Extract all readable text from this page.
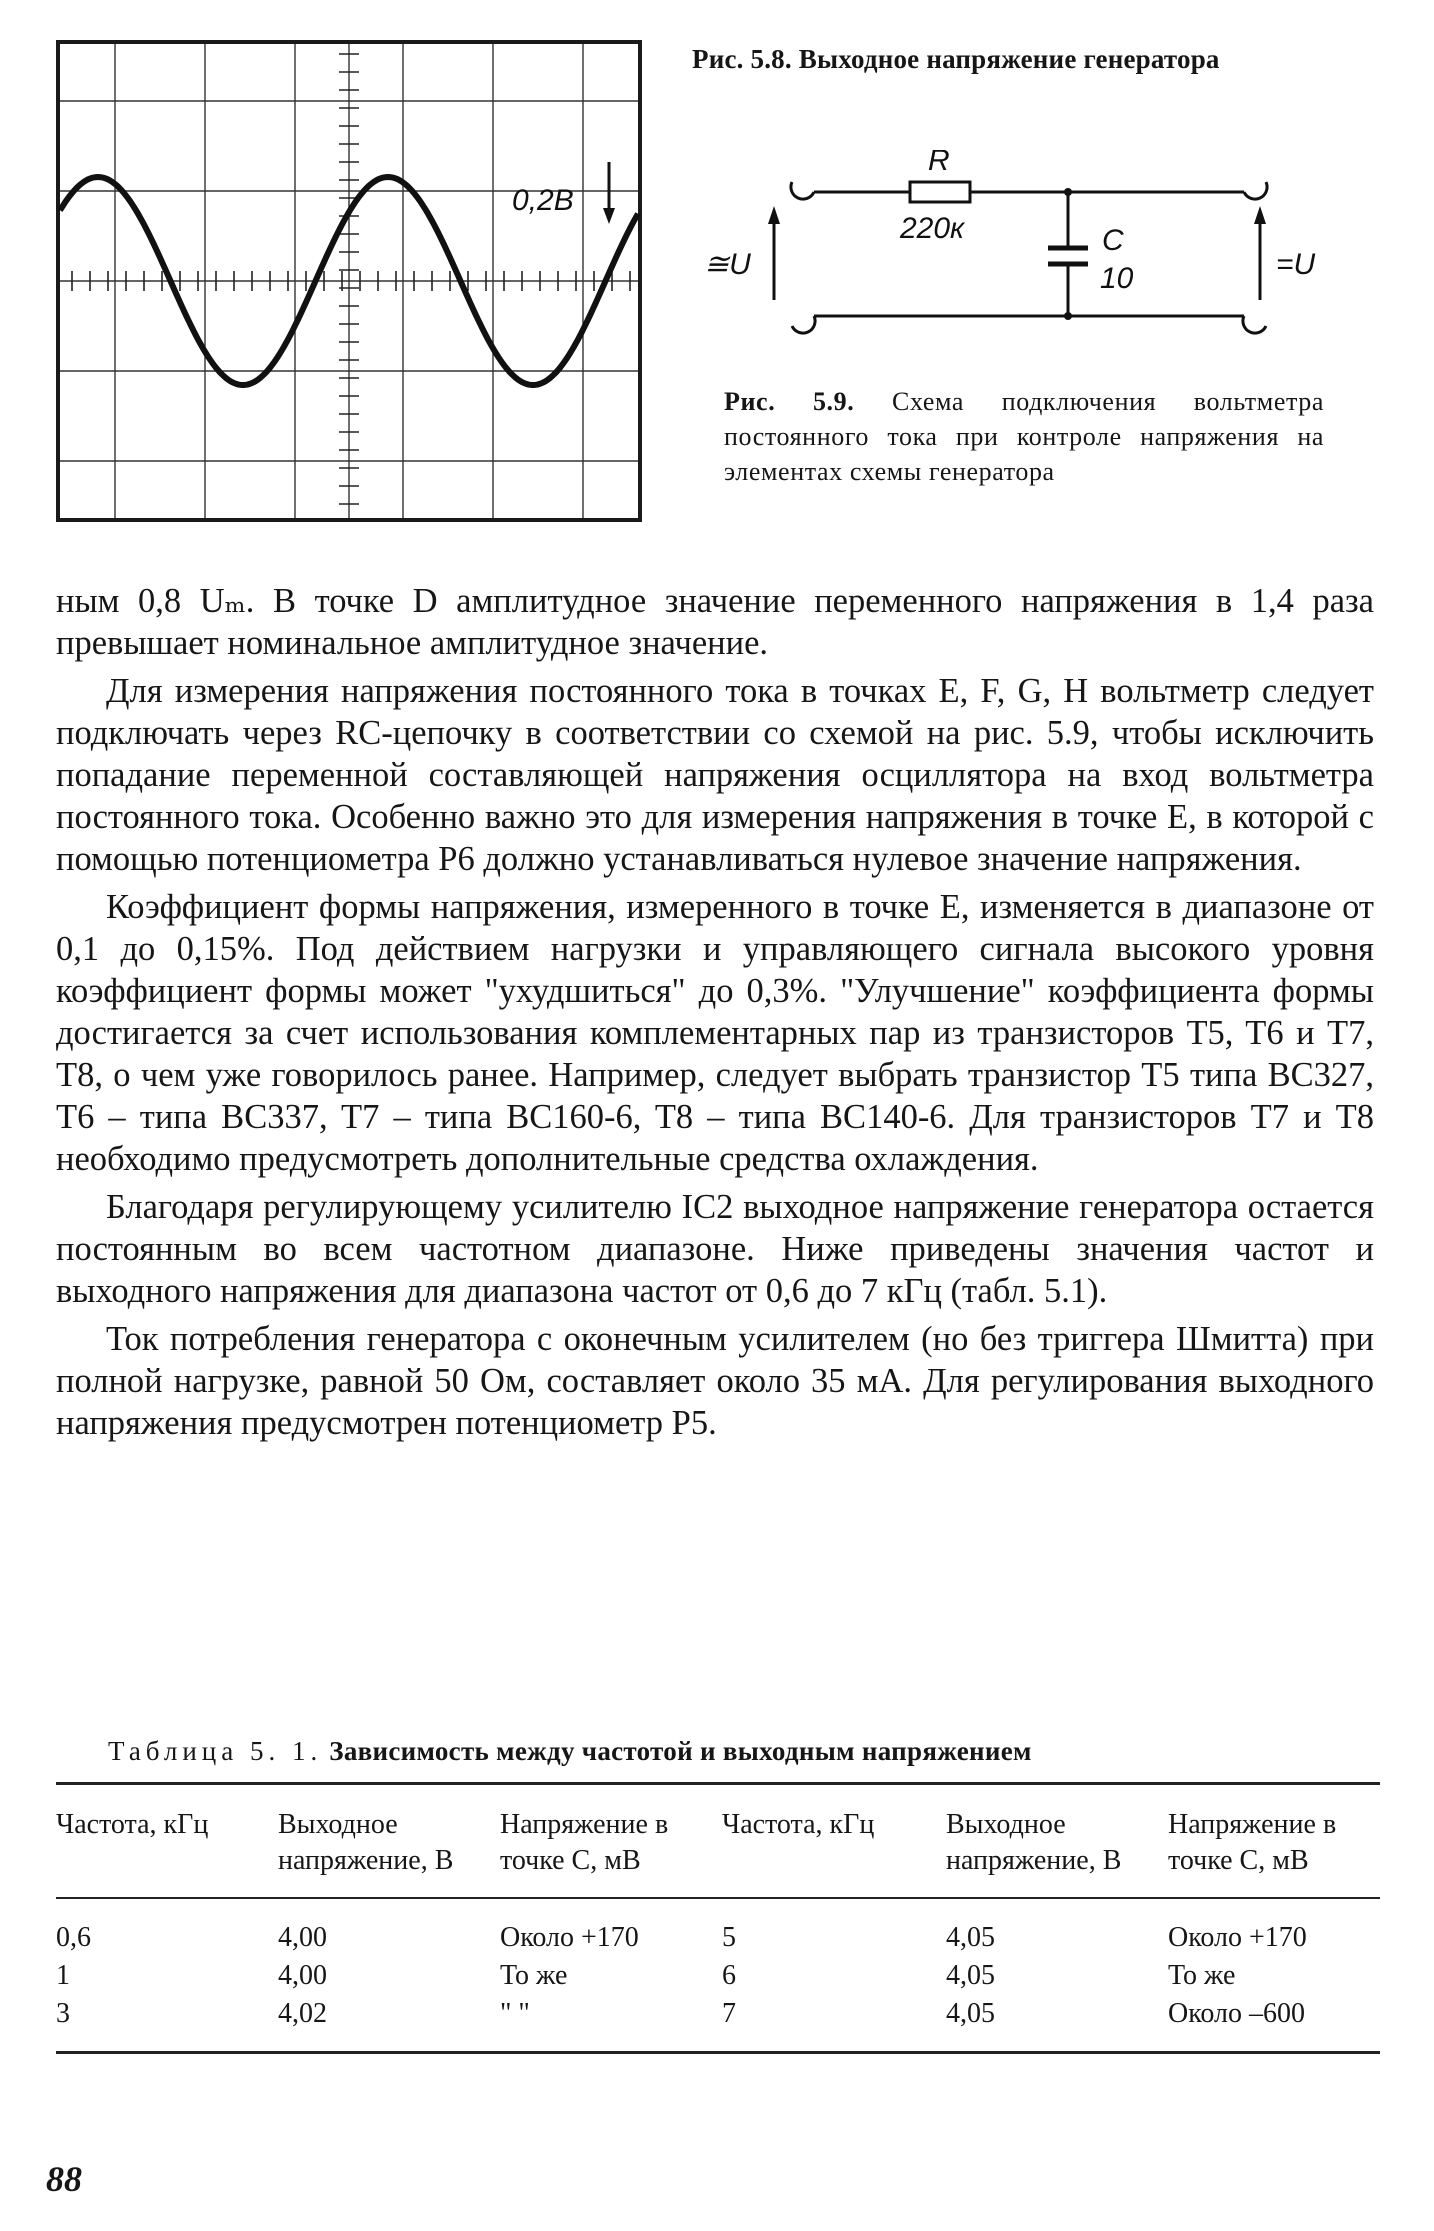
0,2В
Рис. 5.8. Выходное напряжение генератора
R
220к	C
10
≅U	=U
Рис. 5.9. Схема подключения вольтметра постоянного тока при контроле напряжения на элементах схемы генератора

ным 0,8 Uₘ. В точке D амплитудное значение переменного напряжения в 1,4 раза превышает номинальное амплитудное значение.

Для измерения напряжения постоянного тока в точках E, F, G, H вольтметр следует подключать через RC-цепочку в соответствии со схемой на рис. 5.9, чтобы исключить попадание переменной составляющей напряжения осциллятора на вход вольтметра постоянного тока. Особенно важно это для измерения напряжения в точке E, в которой с помощью потенциометра P6 должно устанавливаться нулевое значение напряжения.

Коэффициент формы напряжения, измеренного в точке E, изменяется в диапазоне от 0,1 до 0,15%. Под действием нагрузки и управляющего сигнала высокого уровня коэффициент формы может "ухудшиться" до 0,3%. "Улучшение" коэффициента формы достигается за счет использования комплементарных пар из транзисторов T5, T6 и T7, T8, о чем уже говорилось ранее. Например, следует выбрать транзистор T5 типа BC327, T6 – типа BC337, T7 – типа BC160-6, T8 – типа BC140-6. Для транзисторов T7 и T8 необходимо предусмотреть дополнительные средства охлаждения.

Благодаря регулирующему усилителю IC2 выходное напряжение генератора остается постоянным во всем частотном диапазоне. Ниже приведены значения частот и выходного напряжения для диапазона частот от 0,6 до 7 кГц (табл. 5.1).

Ток потребления генератора с оконечным усилителем (но без триггера Шмитта) при полной нагрузке, равной 50 Ом, составляет около 35 мА. Для регулирования выходного напряжения предусмотрен потенциометр P5.

Таблица 5. 1. Зависимость между частотой и выходным напряжением
Частота, кГц	Выходное напряжение, В	Напряжение в точке C, мВ	Частота, кГц	Выходное напряжение, В	Напряжение в точке C, мВ
0,6	4,00	Около +170	5	4,05	Около +170
1	4,00	То же	6	4,05	То же
3	4,02	" "	7	4,05	Около –600
88
